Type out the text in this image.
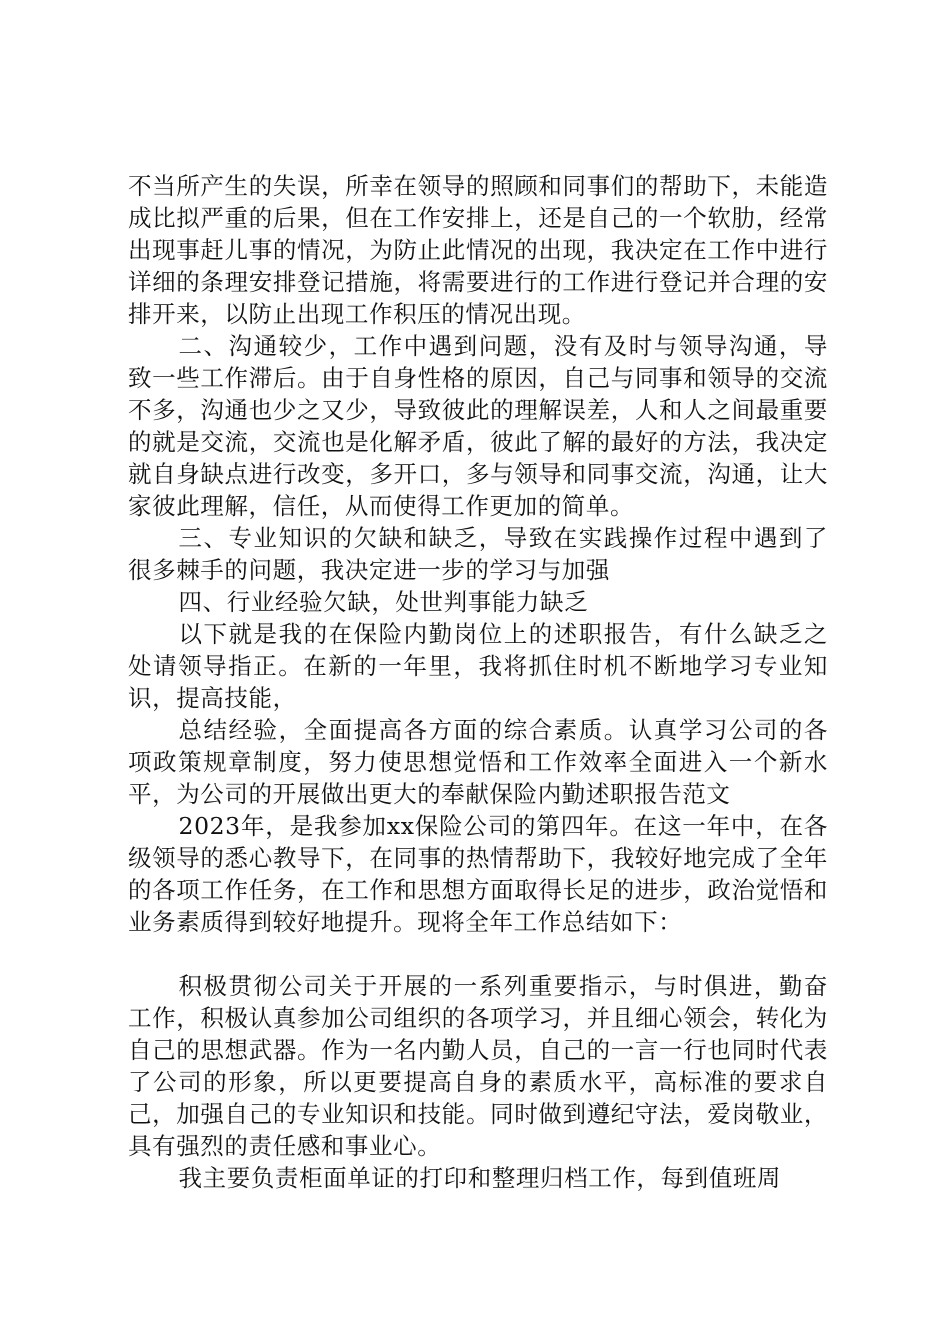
不当所产生的失误，所幸在领导的照顾和同事们的帮助下，未能造成比拟严重的后果，但在工作安排上，还是自己的一个软肋，经常出现事赶儿事的情况，为防止此情况的出现，我决定在工作中进行详细的条理安排登记措施，将需要进行的工作进行登记并合理的安排开来，以防止出现工作积压的情况出现。

二、沟通较少，工作中遇到问题，没有及时与领导沟通，导致一些工作滞后。由于自身性格的原因，自己与同事和领导的交流不多，沟通也少之又少，导致彼此的理解误差，人和人之间最重要的就是交流，交流也是化解矛盾，彼此了解的最好的方法，我决定就自身缺点进行改变，多开口，多与领导和同事交流，沟通，让大家彼此理解，信任，从而使得工作更加的简单。

三、专业知识的欠缺和缺乏，导致在实践操作过程中遇到了很多棘手的问题，我决定进一步的学习与加强

四、行业经验欠缺，处世判事能力缺乏

以下就是我的在保险内勤岗位上的述职报告，有什么缺乏之处请领导指正。在新的一年里，我将抓住时机不断地学习专业知识，提高技能，

总结经验，全面提高各方面的综合素质。认真学习公司的各项政策规章制度，努力使思想觉悟和工作效率全面进入一个新水平，为公司的开展做出更大的奉献保险内勤述职报告范文

2023年，是我参加xx保险公司的第四年。在这一年中，在各级领导的悉心教导下，在同事的热情帮助下，我较好地完成了全年的各项工作任务，在工作和思想方面取得长足的进步，政治觉悟和业务素质得到较好地提升。现将全年工作总结如下：

积极贯彻公司关于开展的一系列重要指示，与时俱进，勤奋工作，积极认真参加公司组织的各项学习，并且细心领会，转化为自己的思想武器。作为一名内勤人员，自己的一言一行也同时代表了公司的形象，所以更要提高自身的素质水平，高标准的要求自己，加强自己的专业知识和技能。同时做到遵纪守法，爱岗敬业，具有强烈的责任感和事业心。

我主要负责柜面单证的打印和整理归档工作，每到值班周
